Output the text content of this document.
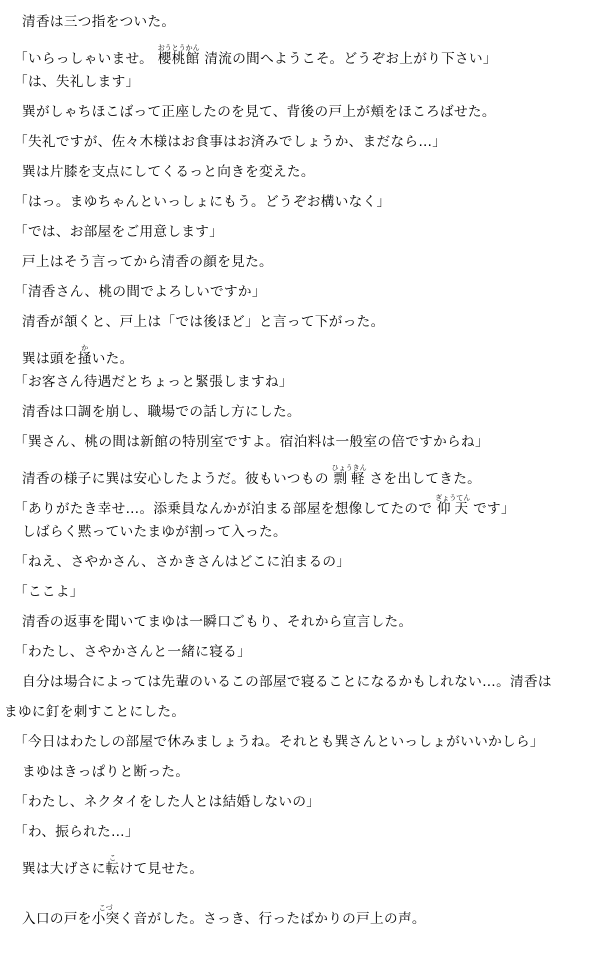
清香は三つ指をついた。
「いらっしゃいませ。 櫻桃館おうとうかん 清流の間へようこそ。どうぞお上がり下さい」
「は、失礼します」
巽がしゃちほこばって正座したのを見て、背後の戸上が頬をほころばせた。
「失礼ですが、佐々木様はお食事はお済みでしょうか、まだなら…」
巽は片膝を支点にしてくるっと向きを変えた。
「はっ。まゆちゃんといっしょにもう。どうぞお構いなく」
「では、お部屋をご用意します」
戸上はそう言ってから清香の顔を見た。
「清香さん、桃の間でよろしいですか」
清香が頷くと、戸上は「では後ほど」と言って下がった。
巽は頭を掻かいた。
「お客さん待遇だとちょっと緊張しますね」
清香は口調を崩し、職場での話し方にした。
「巽さん、桃の間は新館の特別室ですよ。宿泊料は一般室の倍ですからね」
清香の様子に巽は安心したようだ。彼もいつもの 剽軽ひょうきん さを出してきた。
「ありがたき幸せ…。添乗員なんかが泊まる部屋を想像してたので 仰天ぎょうてん です」
しばらく黙っていたまゆが割って入った。
「ねえ、さやかさん、さかきさんはどこに泊まるの」
「ここよ」
清香の返事を聞いてまゆは一瞬口ごもり、それから宣言した。
「わたし、さやかさんと一緒に寝る」
自分は場合によっては先輩のいるこの部屋で寝ることになるかもしれない…。清香は
まゆに釘を刺すことにした。
「今日はわたしの部屋で休みましょうね。それとも巽さんといっしょがいいかしら」
まゆはきっぱりと断った。
「わたし、ネクタイをした人とは結婚しないの」
「わ、振られた…」
巽は大げさに転こけて見せた。
入口の戸を小突こづく音がした。さっき、行ったばかりの戸上の声。
